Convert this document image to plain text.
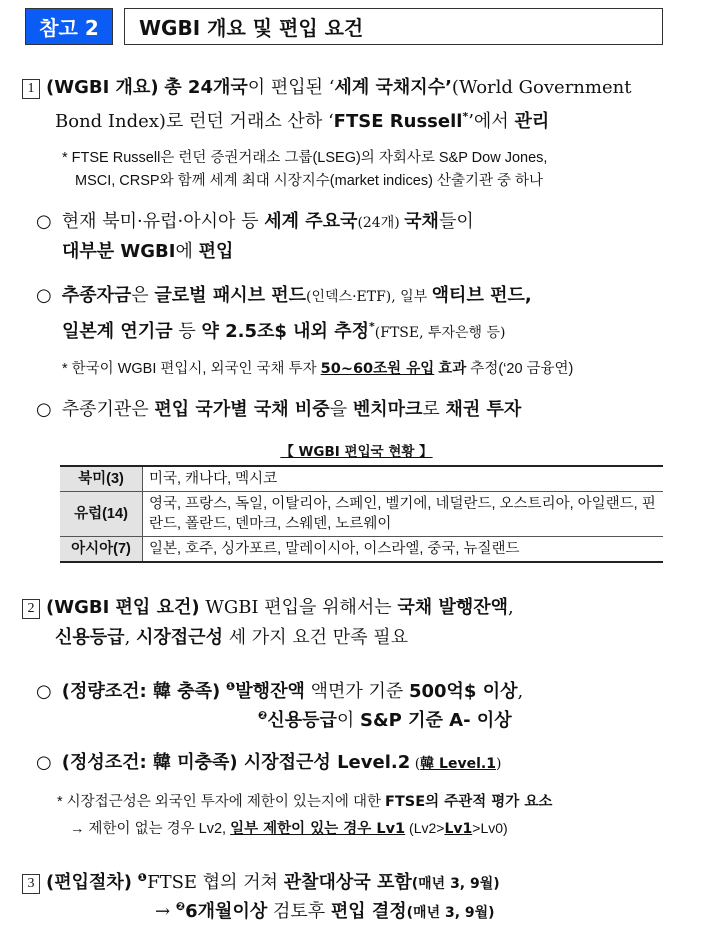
참고 2	WGBI 개요 및 편입 요건
1 (WGBI 개요) 총 24개국이 편입된 ‘세계 국채지수’(World Government
Bond Index)로 런던 거래소 산하 ‘FTSE Russell*’에서 관리
* FTSE Russell은 런던 증권거래소 그룹(LSEG)의 자회사로 S&P Dow Jones,
MSCI, CRSP와 함께 세계 최대 시장지수(market indices) 산출기관 중 하나
○ 현재 북미·유럽·아시아 등 세계 주요국(24개) 국채들이
대부분 WGBI에 편입
○ 추종자금은 글로벌 패시브 펀드(인덱스·ETF), 일부 액티브 펀드,
일본계 연기금 등 약 2.5조$ 내외 추정*(FTSE, 투자은행 등)
* 한국이 WGBI 편입시, 외국인 국채 투자 50~60조원 유입 효과 추정(‘20 금융연)
○ 추종기관은 편입 국가별 국채 비중을 벤치마크로 채권 투자
【 WGBI 편입국 현황 】
북미(3)	미국, 캐나다, 멕시코
유럽(14)	영국, 프랑스, 독일, 이탈리아, 스페인, 벨기에, 네덜란드, 오스트리아, 아일랜드, 핀란드, 폴란드, 덴마크, 스웨덴, 노르웨이
아시아(7)	일본, 호주, 싱가포르, 말레이시아, 이스라엘, 중국, 뉴질랜드
2 (WGBI 편입 요건) WGBI 편입을 위해서는 국채 발행잔액,
신용등급, 시장접근성 세 가지 요건 만족 필요
○ (정량조건: 韓 충족) $^❶$발행잔액 액면가 기준 500억$ 이상,
$^❷$신용등급이 S&P 기준 A- 이상
○ (정성조건: 韓 미충족) 시장접근성 Level.2 (韓 Level.1)
* 시장접근성은 외국인 투자에 제한이 있는지에 대한 FTSE의 주관적 평가 요소
→ 제한이 없는 경우 Lv2, 일부 제한이 있는 경우 Lv1 (Lv2>Lv1>Lv0)
3 (편입절차) $^❶$FTSE 협의 거쳐 관찰대상국 포함(매년 3, 9월)
→ $^❷$6개월이상 검토후 편입 결정(매년 3, 9월)
